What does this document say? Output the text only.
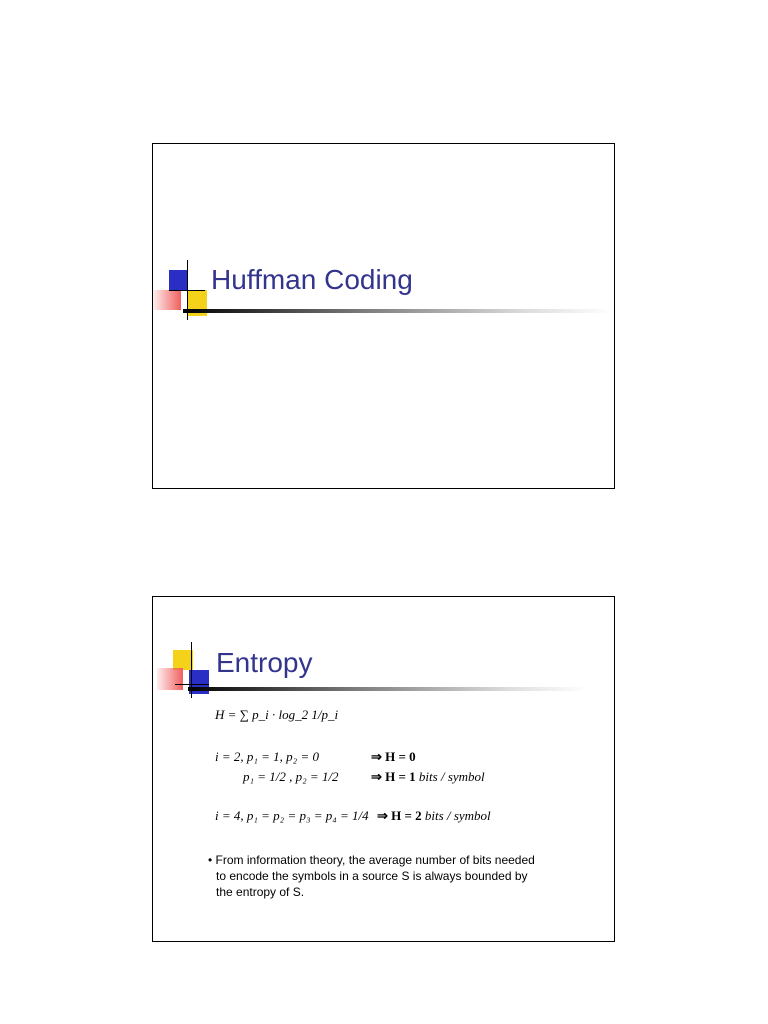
Huffman Coding
Entropy
H = ∑ p_i · log_2 1/p_i
i = 2, p₁ = 1, p₂ = 0	⇒ H = 0
p₁ = 1/2 , p₂ = 1/2 ⇒ H = 1 bits / symbol
i = 4, p₁ = p₂ = p₃ = p₄ = 1/4 ⇒ H = 2 bits / symbol
• From information theory, the average number of bits needed to encode the symbols in a source S is always bounded by the entropy of S.
